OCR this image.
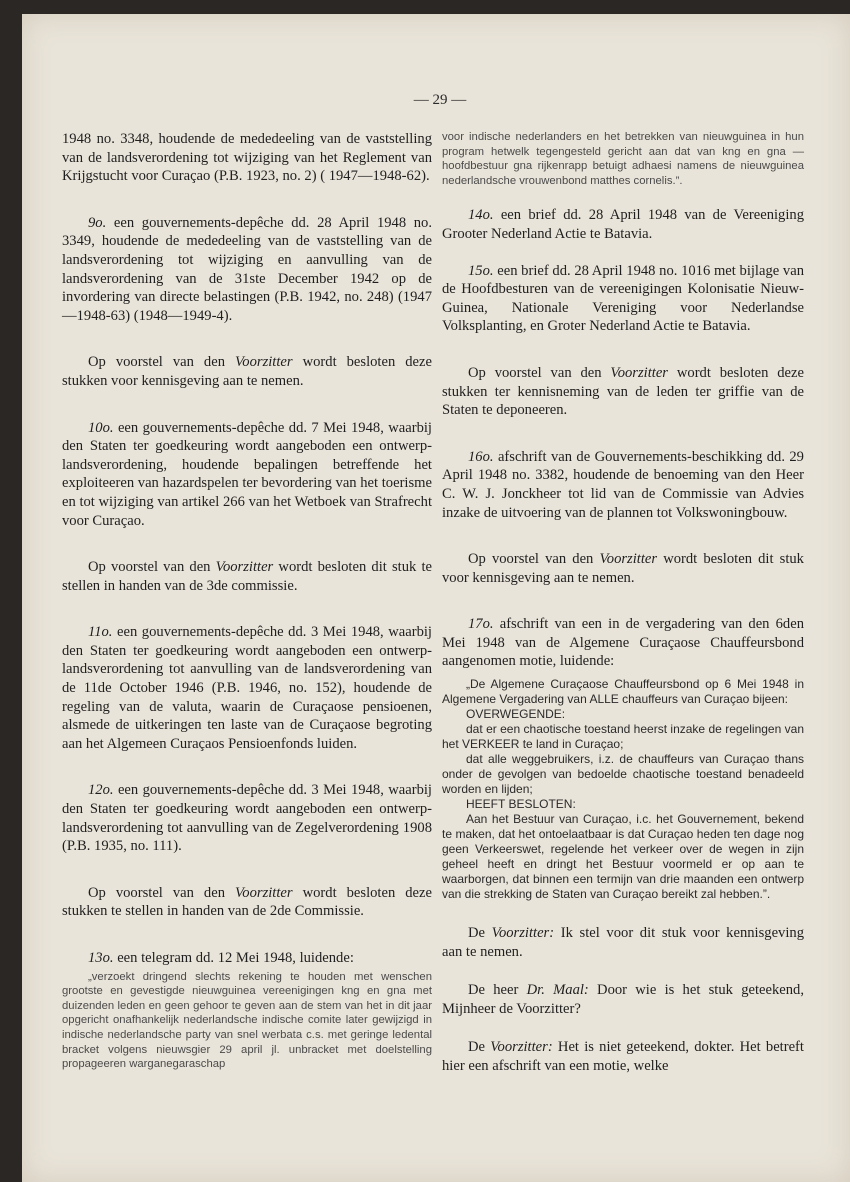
— 29 —

1948 no. 3348, houdende de mededeeling van de vaststelling van de landsverordening tot wijziging van het Reglement van Krijgstucht voor Curaçao (P.B. 1923, no. 2) ( 1947—1948-62).

9o. een gouvernements-depêche dd. 28 April 1948 no. 3349, houdende de mededeeling van de vaststelling van de landsverordening tot wijziging en aanvulling van de landsverordening van de 31ste December 1942 op de invordering van directe belastingen (P.B. 1942, no. 248) (1947—1948-63) (1948—1949-4).

Op voorstel van den Voorzitter wordt besloten deze stukken voor kennisgeving aan te nemen.

10o. een gouvernements-depêche dd. 7 Mei 1948, waarbij den Staten ter goedkeuring wordt aangeboden een ontwerp-landsverordening, houdende bepalingen betreffende het exploiteeren van hazardspelen ter bevordering van het toerisme en tot wijziging van artikel 266 van het Wetboek van Strafrecht voor Curaçao.

Op voorstel van den Voorzitter wordt besloten dit stuk te stellen in handen van de 3de commissie.

11o. een gouvernements-depêche dd. 3 Mei 1948, waarbij den Staten ter goedkeuring wordt aangeboden een ontwerp-landsverordening tot aanvulling van de landsverordening van de 11de October 1946 (P.B. 1946, no. 152), houdende de regeling van de valuta, waarin de Curaçaose pensioenen, alsmede de uitkeringen ten laste van de Curaçaose begroting aan het Algemeen Curaçaos Pensioenfonds luiden.

12o. een gouvernements-depêche dd. 3 Mei 1948, waarbij den Staten ter goedkeuring wordt aangeboden een ontwerp-landsverordening tot aanvulling van de Zegelverordening 1908 (P.B. 1935, no. 111).

Op voorstel van den Voorzitter wordt besloten deze stukken te stellen in handen van de 2de Commissie.

13o. een telegram dd. 12 Mei 1948, luidende:

„verzoekt dringend slechts rekening te houden met wenschen grootste en gevestigde nieuwguinea vereenigingen kng en gna met duizenden leden en geen gehoor te geven aan de stem van het in dit jaar opgericht onafhankelijk nederlandsche indische comite later gewijzigd in indische nederlandsche party van snel werbata c.s. met geringe ledental bracket volgens nieuwsgier 29 april jl. unbracket met doelstelling propageeren warganegaraschap

voor indische nederlanders en het betrekken van nieuwguinea in hun program hetwelk tegengesteld gericht aan dat van kng en gna — hoofdbestuur gna rijkenrapp betuigt adhaesi namens de nieuwguinea nederlandsche vrouwenbond matthes cornelis.”.

14o. een brief dd. 28 April 1948 van de Vereeniging Grooter Nederland Actie te Batavia.

15o. een brief dd. 28 April 1948 no. 1016 met bijlage van de Hoofdbesturen van de vereenigingen Kolonisatie Nieuw-Guinea, Nationale Vereniging voor Nederlandse Volksplanting, en Groter Nederland Actie te Batavia.

Op voorstel van den Voorzitter wordt besloten deze stukken ter kennisneming van de leden ter griffie van de Staten te deponeeren.

16o. afschrift van de Gouvernements-beschikking dd. 29 April 1948 no. 3382, houdende de benoeming van den Heer C. W. J. Jonckheer tot lid van de Commissie van Advies inzake de uitvoering van de plannen tot Volkswoningbouw.

Op voorstel van den Voorzitter wordt besloten dit stuk voor kennisgeving aan te nemen.

17o. afschrift van een in de vergadering van den 6den Mei 1948 van de Algemene Curaçaose Chauffeursbond aangenomen motie, luidende:

„De Algemene Curaçaose Chauffeursbond op 6 Mei 1948 in Algemene Vergadering van ALLE chauffeurs van Curaçao bijeen:

OVERWEGENDE:

dat er een chaotische toestand heerst inzake de regelingen van het VERKEER te land in Curaçao;

dat alle weggebruikers, i.z. de chauffeurs van Curaçao thans onder de gevolgen van bedoelde chaotische toestand benadeeld worden en lijden;

HEEFT BESLOTEN:

Aan het Bestuur van Curaçao, i.c. het Gouvernement, bekend te maken, dat het ontoelaatbaar is dat Curaçao heden ten dage nog geen Verkeerswet, regelende het verkeer over de wegen in zijn geheel heeft en dringt het Bestuur voormeld er op aan te waarborgen, dat binnen een termijn van drie maanden een ontwerp van die strekking de Staten van Curaçao bereikt zal hebben.”.

De Voorzitter: Ik stel voor dit stuk voor kennisgeving aan te nemen.

De heer Dr. Maal: Door wie is het stuk geteekend, Mijnheer de Voorzitter?

De Voorzitter: Het is niet geteekend, dokter. Het betreft hier een afschrift van een motie, welke
